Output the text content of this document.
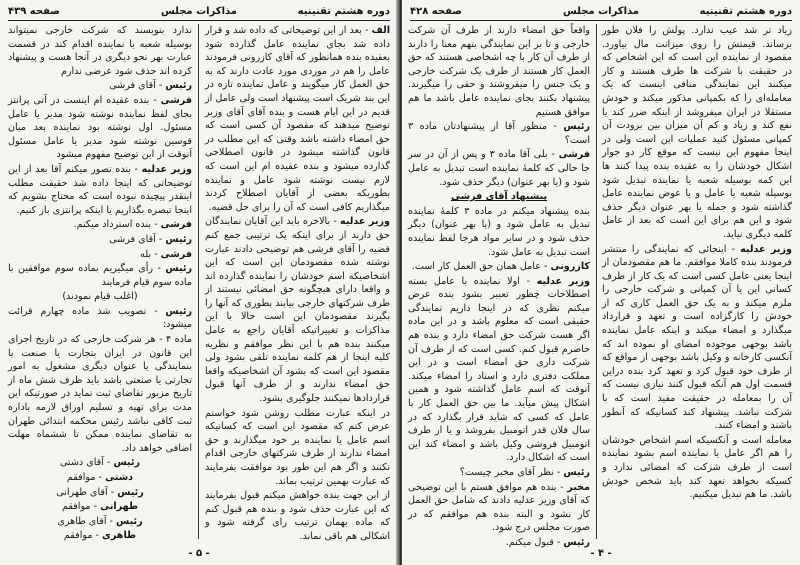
دوره هشتم تقنینیه
مذاکرات مجلس
صفحه ۴۳۹

الف - بعد از این توضیحاتی که داده شد و قرار داده شد بجای نماینده عامل گذارده شود بعقیده بنده همانطور که آقای کازرونی فرمودند عامل را هم در موردی مورد عادت دارند که به حق العمل کار میگویند و عامل نماینده تازه در این بند شریک است پیشنهاد است ولی عامل از قدیم در این ایام هست و بنده آقای آقای وزیر توضیح میدهند که مقصود آن کسی است که حق امضاء داشته باشد وقتی که این مطلب در قانون گذاشته میشود در قانون اصطلاحی گذارده میشود و بنده عقیده ام این است که لازم نیست نوشته شود عامل و نماینده بطوریکه بعضی از آقایان اصطلاح کردند میگذاریم کافی است که آن را برای حل قضیه.

وزیر عدلیه - بالاخره باید این آقایان نمایندگان حق دارند از برای اینکه یک ترتیبی جمع کنم قضیه را آقای فرشی هم توضیحی دادند عبارت نوشته شده مقصودمان این است که این اشخاصیکه اسم خودشان را نماینده گذارده اند و واقعا دارای هیچگونه حق امضائی نیستند از طرف شرکتهای خارجی بیایند بطوری که آنها را بگیرند مقصودمان این است حالا با این مذاکرات و تغییراتیکه آقایان راجع به عامل میکنند بنده هم با این نظر موافقم و نظریه کلیه اینجا از هم کلمه نماینده تلقی بشود ولی مقصود این است که بشود آن اشخاصیکه واقعا حق امضاء ندارند و از طرف آنها قبول قراردادها نمیکنند جلوگیری بشود.

در اینکه عبارت مطلب روشن شود خواستم عرض کنم که مقصود این است که کسانیکه اسم عامل یا نماینده بر خود میگذارند و حق امضاء ندارند از طرف شرکتهای خارجی اقدام نکنند و اگر هم این طور بود موافقت بفرمایند که عبارت بهمین ترتیب بماند.

از این جهت بنده خواهش میکنم قبول بفرمایند که این عبارت حذف شود و بنده هم قبول کنم که ماده بهمان ترتیب رای گرفته شود و اشکالی هم باقی نماند.

ندارد بنویسند که شرکت خارجی نمیتواند بوسیله شعبه یا نماینده اقدام کند در قسمت عبارت بهر نحو دیگری در آنجا هست و پیشنهاد کرده اند حذف شود عرضی ندارم

رئیس - آقای فرشی

فرشی - بنده عقیده ام اینست در آتی پرانتز بجای لفظ نماینده نوشته شود مدیر یا عامل مسئول. اول نوشته بود نماینده بعد میان قوسین نوشته شود مدیر یا عامل مسئول آنوقت از این توضیح مفهوم میشود

وزیر عدلیه - بنده تصور میکنم آقا بعد از این توضیحاتی که اینجا داده شد حقیقت مطلب اینقدر پیچیده نبوده است که محتاج بشویم که اینجا تبصره بگذاریم یا اینکه پرانتزی باز کنیم.

فرشی - بنده استرداد میکنم.

رئیس - آقای فرشی

فرشی - بله

رئیس - رأی میگیریم بماده سوم موافقین با ماده سوم قیام فرمایند

(اغلب قیام نمودند)

رئیس - تصویب شد ماده چهارم قرائت میشود:

ماده ۴ - هر شرکت خارجی که در تاریخ اجرای این قانون در ایران بتجارت یا صنعت یا بنمایندگی یا عنوان دیگری مشغول به امور تجارتی یا صنعتی باشد باید ظرف شش ماه از تاریخ مزبور تقاضای ثبت نماید در صورتیکه این مدت برای تهیه و تسلیم اوراق لازمه باداره ثبت کافی نباشد رئیس محکمه ابتدائی طهران به تقاضای نماینده ممکن تا ششماه مهلت اضافی خواهد داد.

رئیس - آقای دشتی

دشتی - موافقم

رئیس - آقای طهرانی

طهرانی - موافقم

رئیس - آقای طاهری

طاهری - موافقم

- ۵ -
دوره هشتم تقنینیه
مذاکرات مجلس
صفحه ۴۲۸

زیاد تر شد عیب ندارد. پولش را فلان طور برساند. قیمتش را روی میزانت مال بیاورد. مقصود از نماینده این است که این اشخاص که در حقیقت با شرکت ها طرف هستند و کار میکنند این نمایندگی منافی اینست که یک معامله‌ای را که بکمپانی مذکور میکند و خودش مستقلا در ایران میفروشد از اینکه ضرر کند یا نفع کند و زیاد و کم آن میزان بین برودت آن کمپانی مسئول کنید عملیات این است ولی در اینجا مفهوم این نیست که موقع کار دو جوار اشکال خودشان را به عقیده بنده پیدا کنند ها این کمه بوسیله شعبه یا نماینده تبدیل شود بوسیله شعبه یا عامل و یا عوض نماینده عامل گذاشته شود و جمله یا بهر عنوان دیگر حذف شود و این هم برای این است که بعد از عامل کلمه دیگری نیاید.

وزیر عدلیه - اینجائی که نمایندگی را منتشر فرمودند بنده کاملا موافقم. ما هم مقصودمان از اینجا یعنی عامل کسی است که یک کار از طرف کسانی این یا آن کمپانی و شرکت خارجی را ملزم میکند و به یک حق العمل کاری که از خودش را کارگزاده است و تعهد و قرارداد میگذارد و امضاء میکند و اینکه عامل نماینده باشد بوجهی موجوده امضای او نموده اند که آنکسی کارخانه و وکیل باشد بوجهی از مواقع که از طرف خود قبول کرد و تعهد کرد بنده دراین قسمت اول هم آنکه قبول کنند نیازی نیست که آن را بمعامله در حقیقت مفید است که با شرکت نباشد. پیشنهاد کند کسانیکه که آنطور باشند و امضاء کنند.

معامله است و آنکسیکه اسم اشخاص خودشان را هم اگر عامل یا نماینده اسم بشود نماینده است از طرف شرکت که امضائی ندارد و کسیکه بخواهد تعهد کند باید شخص خودش باشد. ما هم تبدیل میکنیم.

واقعاً حق امضاء دارند از طرف آن شرکت خارجی و تا بر این نمایندگی بتهم معنا را دارند از طرف آن کار با چه اشخاصی هستند که حق العمل کار هستند از طرف یک شرکت خارجی و یک جنس را میفروشند و حقی را میگیرند. پیشنهاد بکنند بجای نماینده عامل باشد ما هم موافق هستیم

رئیس - منظور آقا از پیشنهادتان ماده ۳ است؟

فرشی - بلی آقا ماده ۳ و پس از آن در سر جا حالی که کلمهٔ نماینده است تبدیل به عامل شود و (یا بهر عنوان) دیگر حذف شود.

پیشنهاد آقای فرشی

بنده پیشنهاد میکنم در ماده ۳ کلمهٔ نماینده تبدیل به عامل شود و (یا بهر عنوان) دیگر حذف شود و در سایر مواد هرجا لفظ نماینده است تبدیل به عامل شود.

کازرونی - عامل همان حق العمل کار است.

وزیر عدلیه - اولا نماینده با عامل بسته اصطلاحات چطور تعبیر بشود بنده عرض میکنم نظری که در اینجا داریم نمایندگی حقیقی است که معلوم باشد و در این ماده اگر هست شرکت حق امضاء دارد و بنده هم حاضرم قبول کنم. کسی است که از طرف آن شرکت داری حق امضاء است و در این مملکت دفتری دارد و اسناد را امضاء میکند. آنوقت که اسم عامل گذاشته شود و همین اشکال پیش میآید. ما بین حق العمل کار با عامل که کسی که شاید قرار بگذارد که در سال فلان قدر اتومبیل بفروشد و یا از طرف اتومبیل فروشی وکیل باشد و امضاء کند این است که اشکال دارد.

رئیس - نظر آقای مخبر چیست؟

مخبر - بنده هم موافق هستم با این توضیحی که آقای وزیر عدلیه دادند که شامل حق العمل کار نشود و البته بنده هم موافقم که در صورت مجلس درج شود.

رئیس - قبول میکنم.

- ۴ -
